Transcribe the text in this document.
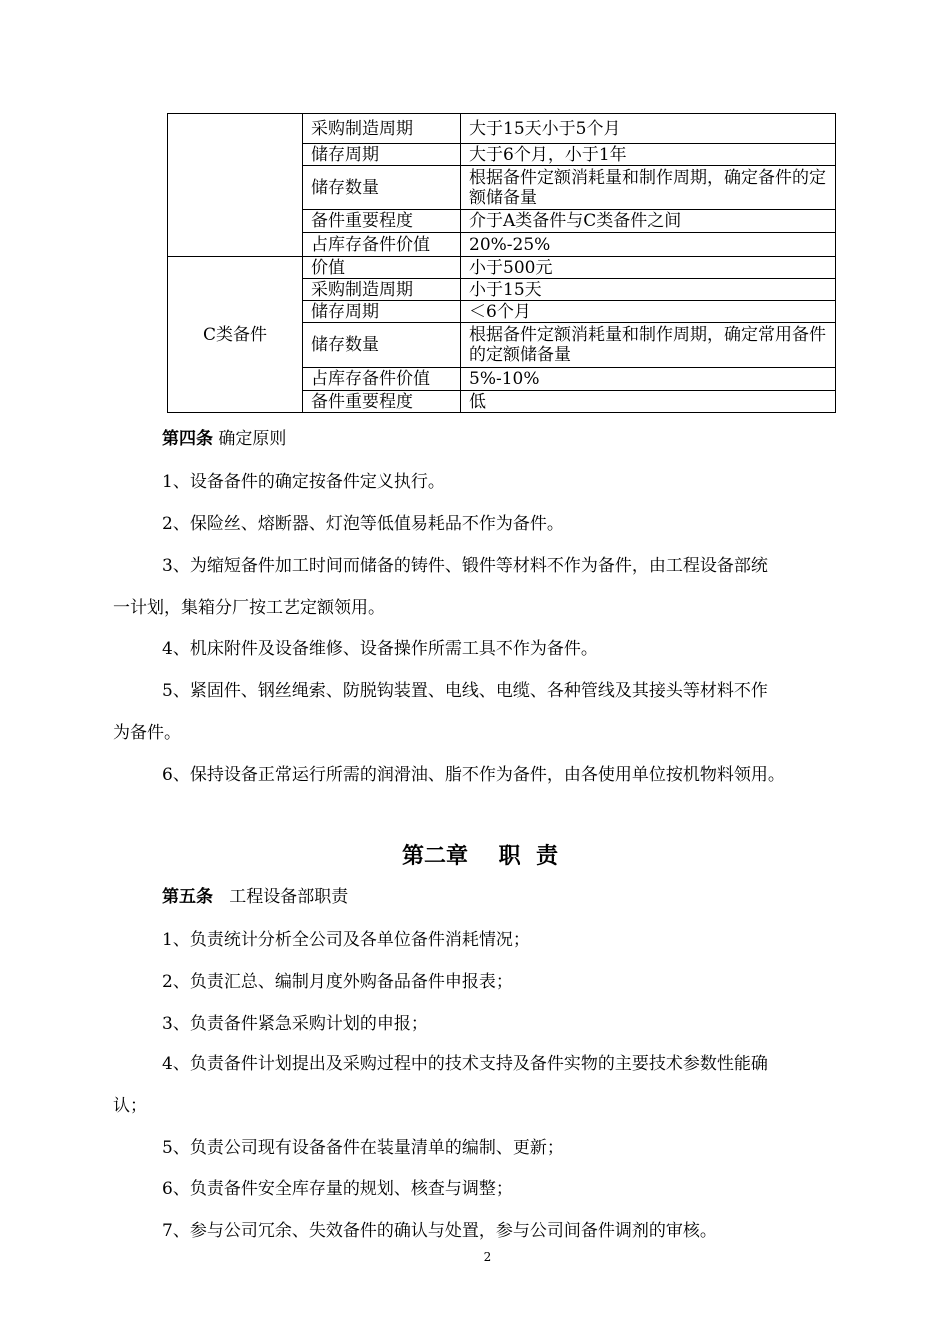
	采购制造周期	大于15天小于5个月
	储存周期	大于6个月，小于1年
	储存数量	根据备件定额消耗量和制作周期，确定备件的定额储备量
	备件重要程度	介于A类备件与C类备件之间
	占库存备件价值	20%-25%
C类备件	价值	小于500元
	采购制造周期	小于15天
	储存周期	＜6个月
	储存数量	根据备件定额消耗量和制作周期，确定常用备件的定额储备量
	占库存备件价值	5%-10%
	备件重要程度	低
第四条 确定原则
1、设备备件的确定按备件定义执行。
2、保险丝、熔断器、灯泡等低值易耗品不作为备件。
3、为缩短备件加工时间而储备的铸件、锻件等材料不作为备件，由工程设备部统
一计划，集箱分厂按工艺定额领用。
4、机床附件及设备维修、设备操作所需工具不作为备件。
5、紧固件、钢丝绳索、防脱钩装置、电线、电缆、各种管线及其接头等材料不作
为备件。
6、保持设备正常运行所需的润滑油、脂不作为备件，由各使用单位按机物料领用。
第二章    职  责
第五条 工程设备部职责
1、负责统计分析全公司及各单位备件消耗情况；
2、负责汇总、编制月度外购备品备件申报表；
3、负责备件紧急采购计划的申报；
4、负责备件计划提出及采购过程中的技术支持及备件实物的主要技术参数性能确
认；
5、负责公司现有设备备件在装量清单的编制、更新；
6、负责备件安全库存量的规划、核查与调整；
7、参与公司冗余、失效备件的确认与处置，参与公司间备件调剂的审核。
2
